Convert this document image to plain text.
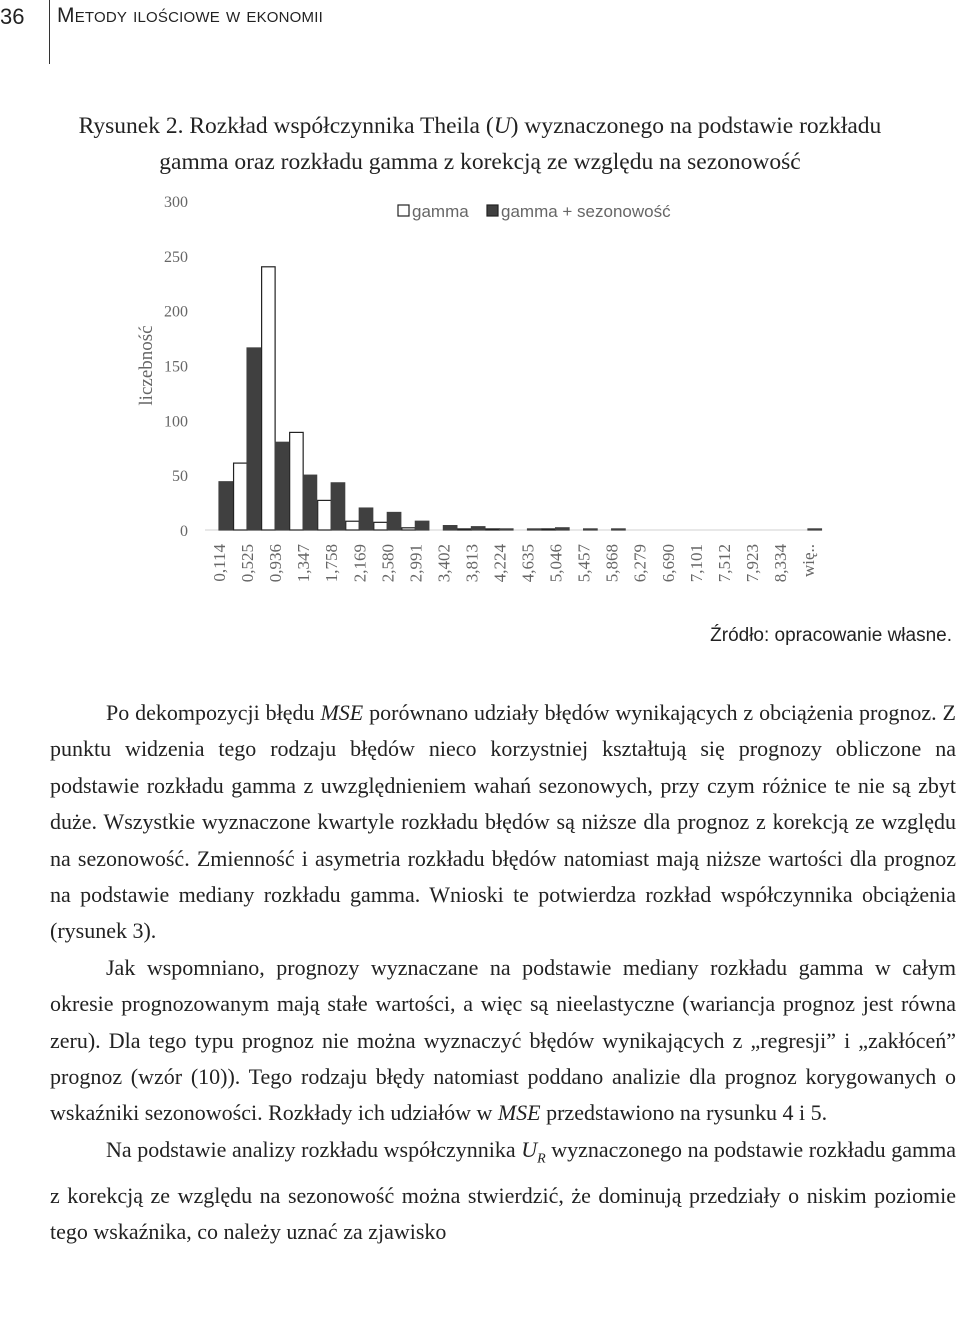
36 Metody ilościowe w ekonomii
Rysunek 2. Rozkład współczynnika Theila (U) wyznaczonego na podstawie rozkładu
gamma oraz rozkładu gamma z korekcją ze względu na sezonowość
0
50
100
150
200
250
300
liczebność
0,114 0,525 0,936 1,347 1,758 2,169 2,580 2,991 3,402 3,813 4,224 4,635 5,046 5,457 5,868 6,279 6,690 7,101 7,512 7,923 8,334 wię..
gamma gamma + sezonowość
Źródło: opracowanie własne.

Po dekompozycji błędu MSE porównano udziały błędów wynikających z obciążenia prognoz. Z punktu widzenia tego rodzaju błędów nieco korzystniej kształtują się prognozy obliczone na podstawie rozkładu gamma z uwzględnieniem wahań sezonowych, przy czym różnice te nie są zbyt duże. Wszystkie wyznaczone kwartyle rozkładu błędów są niższe dla prognoz z korekcją ze względu na sezonowość. Zmienność i asymetria rozkładu błędów natomiast mają niższe wartości dla prognoz na podstawie mediany rozkładu gamma. Wnioski te potwierdza rozkład współczynnika obciążenia (rysunek 3).

Jak wspomniano, prognozy wyznaczane na podstawie mediany rozkładu gamma w całym okresie prognozowanym mają stałe wartości, a więc są nieelastyczne (wariancja prognoz jest równa zeru). Dla tego typu prognoz nie można wyznaczyć błędów wynikających z „regresji” i „zakłóceń” prognoz (wzór (10)). Tego rodzaju błędy natomiast poddano analizie dla prognoz korygowanych o wskaźniki sezonowości. Rozkłady ich udziałów w MSE przedstawiono na rysunku 4 i 5.

Na podstawie analizy rozkładu współczynnika $U_R$ wyznaczonego na podstawie rozkładu gamma z korekcją ze względu na sezonowość można stwierdzić, że dominują przedziały o niskim poziomie tego wskaźnika, co należy uznać za zjawisko
